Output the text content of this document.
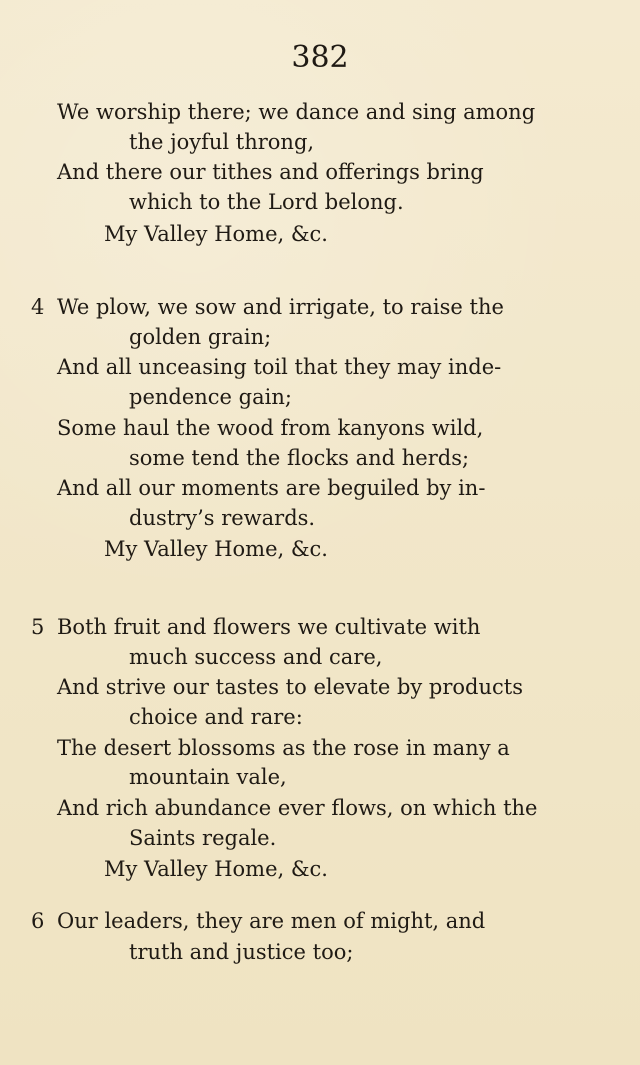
382
We worship there; we dance and sing among
the joyful throng,
And there our tithes and offerings bring
which to the Lord belong.
My Valley Home, &c.
4 We plow, we sow and irrigate, to raise the
golden grain;
And all unceasing toil that they may inde-
pendence gain;
Some haul the wood from kanyons wild,
some tend the flocks and herds;
And all our moments are beguiled by in-
dustry’s rewards.
My Valley Home, &c.
5 Both fruit and flowers we cultivate with
much success and care,
And strive our tastes to elevate by products
choice and rare:
The desert blossoms as the rose in many a
mountain vale,
And rich abundance ever flows, on which the
Saints regale.
My Valley Home, &c.
6 Our leaders, they are men of might, and
truth and justice too;
